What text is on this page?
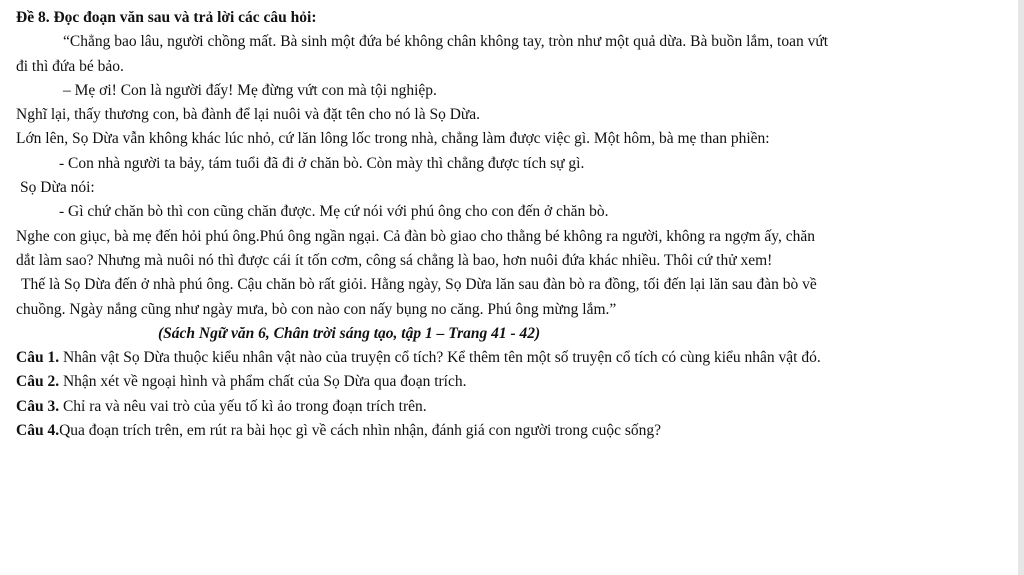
Đề 8. Đọc đoạn văn sau và trả lời các câu hỏi:
“Chẳng bao lâu, người chồng mất. Bà sinh một đứa bé không chân không tay, tròn như một quả dừa. Bà buồn lắm, toan vứt
đi thì đứa bé bảo.
– Mẹ ơi! Con là người đấy! Mẹ đừng vứt con mà tội nghiệp.
Nghĩ lại, thấy thương con, bà đành để lại nuôi và đặt tên cho nó là Sọ Dừa.
Lớn lên, Sọ Dừa vẫn không khác lúc nhỏ, cứ lăn lông lốc trong nhà, chẳng làm được việc gì. Một hôm, bà mẹ than phiền:
- Con nhà người ta bảy, tám tuổi đã đi ở chăn bò. Còn mày thì chẳng được tích sự gì.
Sọ Dừa nói:
- Gì chứ chăn bò thì con cũng chăn được. Mẹ cứ nói với phú ông cho con đến ở chăn bò.
Nghe con giục, bà mẹ đến hỏi phú ông.Phú ông ngần ngại. Cả đàn bò giao cho thằng bé không ra người, không ra ngợm ấy, chăn
dắt làm sao? Nhưng mà nuôi nó thì được cái ít tốn cơm, công sá chẳng là bao, hơn nuôi đứa khác nhiều. Thôi cứ thử xem!
Thế là Sọ Dừa đến ở nhà phú ông. Cậu chăn bò rất giỏi. Hằng ngày, Sọ Dừa lăn sau đàn bò ra đồng, tối đến lại lăn sau đàn bò về
chuồng. Ngày nắng cũng như ngày mưa, bò con nào con nấy bụng no căng. Phú ông mừng lắm.”
(Sách Ngữ văn 6, Chân trời sáng tạo, tập 1 – Trang 41 - 42)
Câu 1. Nhân vật Sọ Dừa thuộc kiểu nhân vật nào của truyện cổ tích? Kể thêm tên một số truyện cổ tích có cùng kiểu nhân vật đó.
Câu 2. Nhận xét về ngoại hình và phẩm chất của Sọ Dừa qua đoạn trích.
Câu 3. Chỉ ra và nêu vai trò của yếu tố kì ảo trong đoạn trích trên.
Câu 4.Qua đoạn trích trên, em rút ra bài học gì về cách nhìn nhận, đánh giá con người trong cuộc sống?
